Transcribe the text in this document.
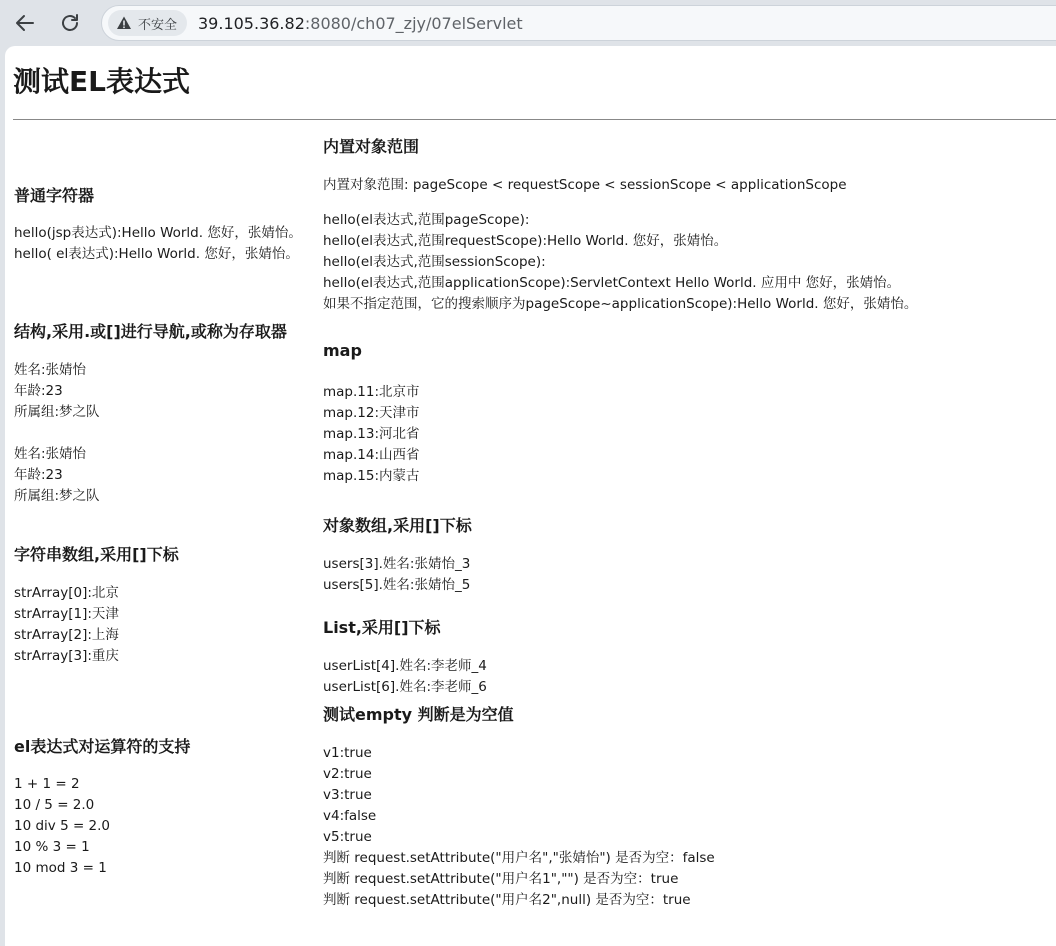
不安全 39.105.36.82:8080/ch07_zjy/07elServlet
测试EL表达式
普通字符器
hello(jsp表达式):Hello World. 您好，张婧怡。
hello( el表达式):Hello World. 您好，张婧怡。
结构,采用.或[]进行导航,或称为存取器
姓名:张婧怡
年龄:23
所属组:梦之队
姓名:张婧怡
年龄:23
所属组:梦之队
字符串数组,采用[]下标
strArray[0]:北京
strArray[1]:天津
strArray[2]:上海
strArray[3]:重庆
el表达式对运算符的支持
1 + 1 = 2
10 / 5 = 2.0
10 div 5 = 2.0
10 % 3 = 1
10 mod 3 = 1
内置对象范围
内置对象范围: pageScope < requestScope < sessionScope < applicationScope
hello(el表达式,范围pageScope):
hello(el表达式,范围requestScope):Hello World. 您好，张婧怡。
hello(el表达式,范围sessionScope):
hello(el表达式,范围applicationScope):ServletContext Hello World. 应用中 您好，张婧怡。
如果不指定范围，它的搜索顺序为pageScope~applicationScope):Hello World. 您好，张婧怡。
map
map.11:北京市
map.12:天津市
map.13:河北省
map.14:山西省
map.15:内蒙古
对象数组,采用[]下标
users[3].姓名:张婧怡_3
users[5].姓名:张婧怡_5
List,采用[]下标
userList[4].姓名:李老师_4
userList[6].姓名:李老师_6
测试empty 判断是为空值
v1:true
v2:true
v3:true
v4:false
v5:true
判断 request.setAttribute("用户名","张婧怡") 是否为空：false
判断 request.setAttribute("用户名1","") 是否为空：true
判断 request.setAttribute("用户名2",null) 是否为空：true
